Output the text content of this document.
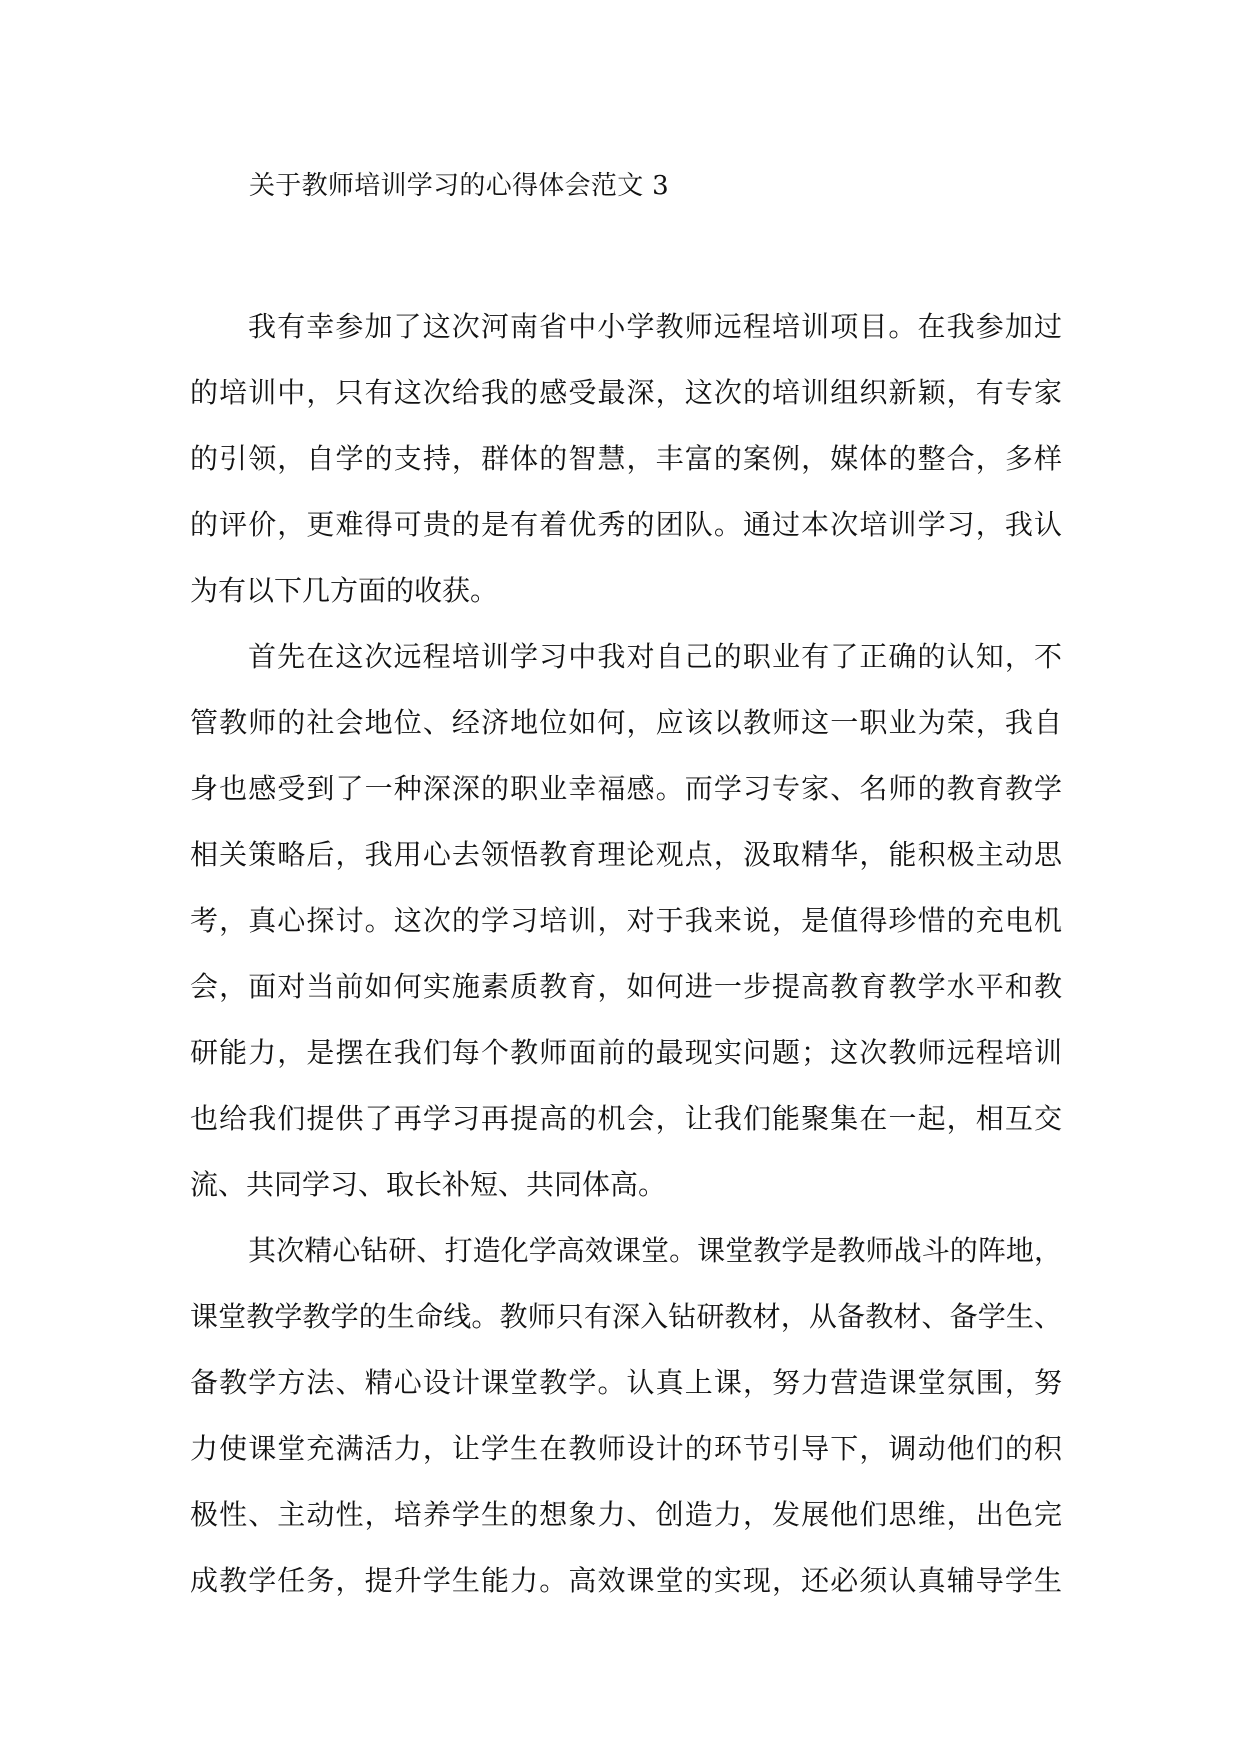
关于教师培训学习的心得体会范文 3
我有幸参加了这次河南省中小学教师远程培训项目。在我参加过
的培训中，只有这次给我的感受最深，这次的培训组织新颖，有专家
的引领，自学的支持，群体的智慧，丰富的案例，媒体的整合，多样
的评价，更难得可贵的是有着优秀的团队。通过本次培训学习，我认
为有以下几方面的收获。
首先在这次远程培训学习中我对自己的职业有了正确的认知，不
管教师的社会地位、经济地位如何，应该以教师这一职业为荣，我自
身也感受到了一种深深的职业幸福感。而学习专家、名师的教育教学
相关策略后，我用心去领悟教育理论观点，汲取精华，能积极主动思
考，真心探讨。这次的学习培训，对于我来说，是值得珍惜的充电机
会，面对当前如何实施素质教育，如何进一步提高教育教学水平和教
研能力，是摆在我们每个教师面前的最现实问题；这次教师远程培训
也给我们提供了再学习再提高的机会，让我们能聚集在一起，相互交
流、共同学习、取长补短、共同体高。
其次精心钻研、打造化学高效课堂。课堂教学是教师战斗的阵地，
课堂教学教学的生命线。教师只有深入钻研教材，从备教材、备学生、
备教学方法、精心设计课堂教学。认真上课，努力营造课堂氛围，努
力使课堂充满活力，让学生在教师设计的环节引导下，调动他们的积
极性、主动性，培养学生的想象力、创造力，发展他们思维，出色完
成教学任务，提升学生能力。高效课堂的实现，还必须认真辅导学生
